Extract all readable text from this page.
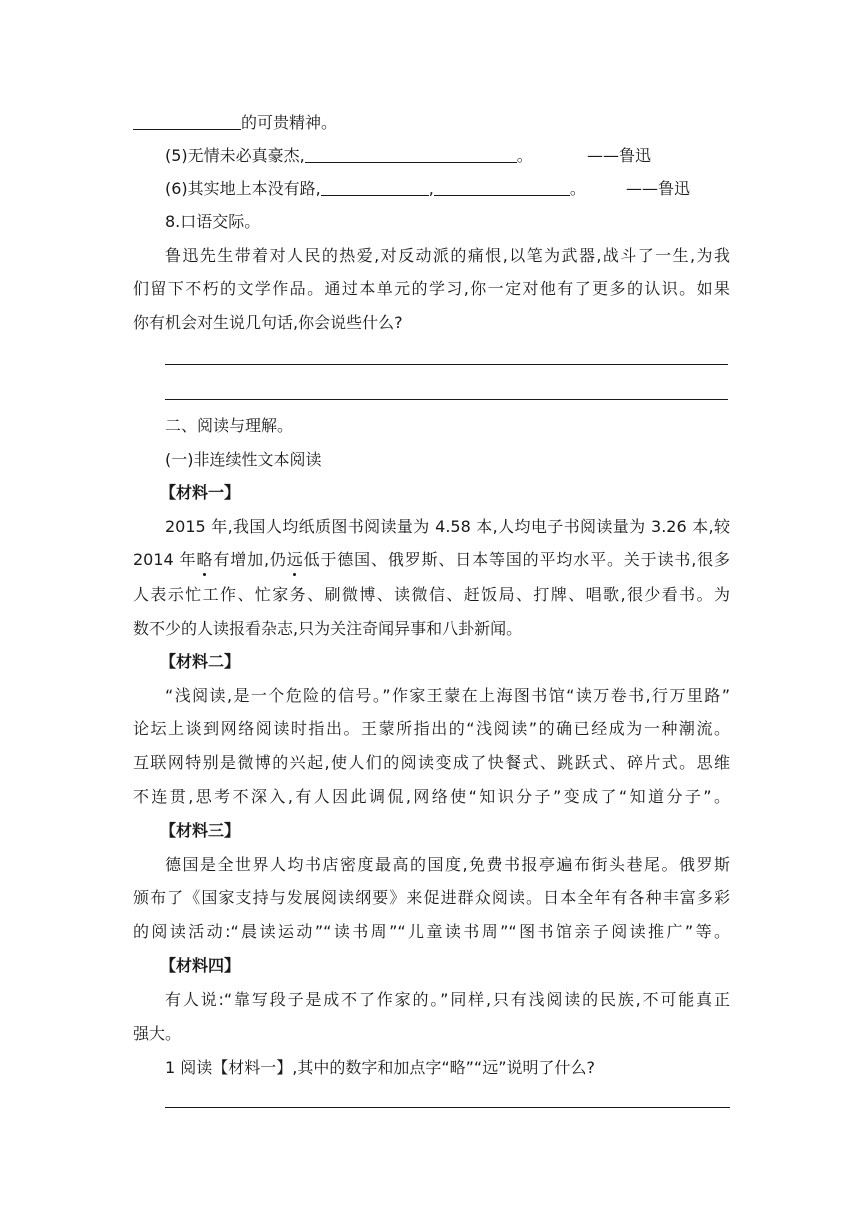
的可贵精神。
(5)无情未必真豪杰,	。	——鲁迅
(6)其实地上本没有路,	,	。	——鲁迅
8.口语交际。
鲁迅先生带着对人民的热爱,对反动派的痛恨,以笔为武器,战斗了一生,为我
们留下不朽的文学作品。通过本单元的学习,你一定对他有了更多的认识。如果
你有机会对生说几句话,你会说些什么?
二、阅读与理解。
(一)非连续性文本阅读
【材料一】
2015 年,我国人均纸质图书阅读量为 4.58 本,人均电子书阅读量为 3.26 本,较
2014 年略有增加,仍远低于德国、俄罗斯、日本等国的平均水平。关于读书,很多
人表示忙工作、忙家务、刷微博、读微信、赶饭局、打牌、唱歌,很少看书。为
数不少的人读报看杂志,只为关注奇闻异事和八卦新闻。
【材料二】
“浅阅读,是一个危险的信号。”作家王蒙在上海图书馆“读万卷书,行万里路”
论坛上谈到网络阅读时指出。王蒙所指出的“浅阅读”的确已经成为一种潮流。
互联网特别是微博的兴起,使人们的阅读变成了快餐式、跳跃式、碎片式。思维
不连贯,思考不深入,有人因此调侃,网络使“知识分子”变成了“知道分子”。
【材料三】
德国是全世界人均书店密度最高的国度,免费书报亭遍布街头巷尾。俄罗斯
颁布了《国家支持与发展阅读纲要》来促进群众阅读。日本全年有各种丰富多彩
的阅读活动:“晨读运动”“读书周”“儿童读书周”“图书馆亲子阅读推广”等。
【材料四】
有人说:“靠写段子是成不了作家的。”同样,只有浅阅读的民族,不可能真正
强大。
1 阅读【材料一】,其中的数字和加点字“略”“远”说明了什么?
